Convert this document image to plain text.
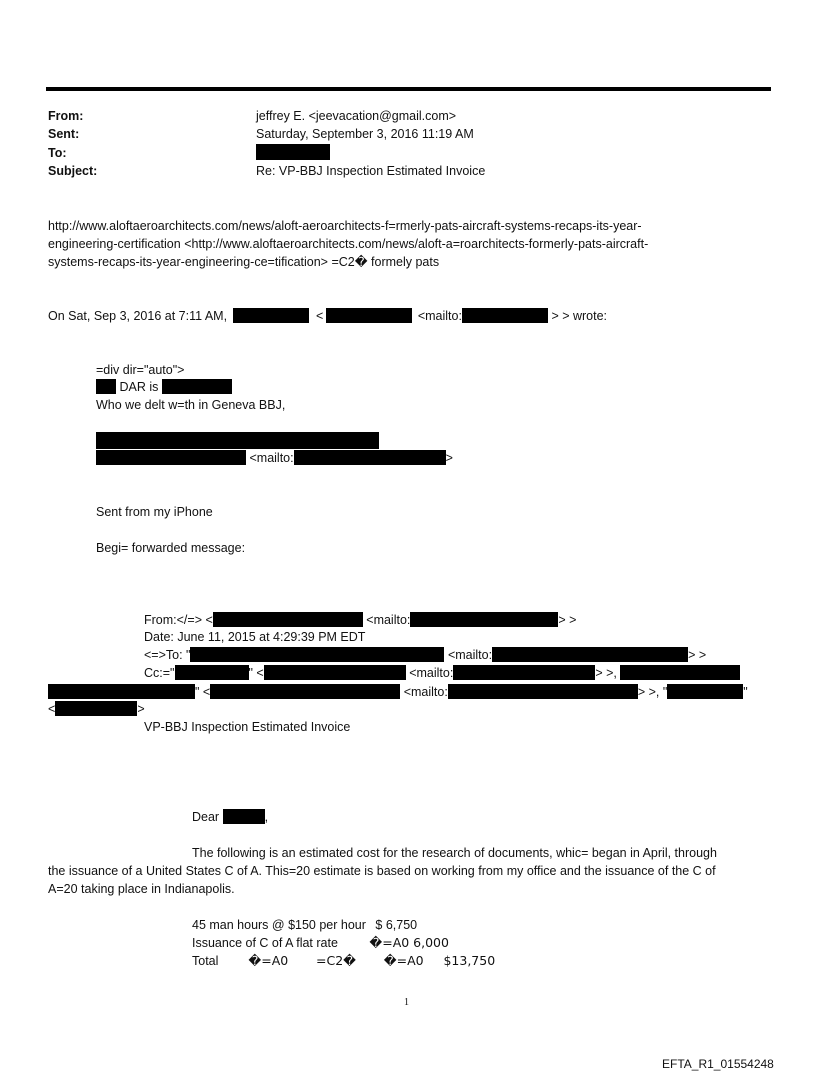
From:	jeffrey E. <jeevacation@gmail.com>
Sent:	Saturday, September 3, 2016 11:19 AM
To:
Subject:	Re: VP-BBJ Inspection Estimated Invoice
http://www.aloftaeroarchitects.com/news/aloft-aeroarchitects-f=rmerly-pats-aircraft-systems-recaps-its-year-
engineering-certification <http://www.aloftaeroarchitects.com/news/aloft-a=roarchitects-formerly-pats-aircraft-
systems-recaps-its-year-engineering-ce=tification> =C2� formely pats
On Sat, Sep 3, 2016 at 7:11 AM,	<	<mailto:	> > wrote:
=div dir="auto">
DAR is
Who we delt w=th in Geneva BBJ,
<mailto:	>
Sent from my iPhone
Begi= forwarded message:
From:</=> <	<mailto:	> >
Date: June 11, 2015 at 4:29:39 PM EDT
<=>To: "	<mailto:	> >
Cc:="	" <	<mailto:	> >,
" <	<mailto:	> >, "	"
<	>
VP-BBJ Inspection Estimated Invoice
Dear	,
The following is an estimated cost for the research of documents, whic= began in April, through
the issuance of a United States C of A. This=20 estimate is based on working from my office and the issuance of the C of
A=20 taking place in Indianapolis.
45 man hours @ $150 per hour $ 6,750
Issuance of C of A flat rate	�=A0 6,000
Total �=A0       =C2�       �=A0     $13,750
1
EFTA_R1_01554248
